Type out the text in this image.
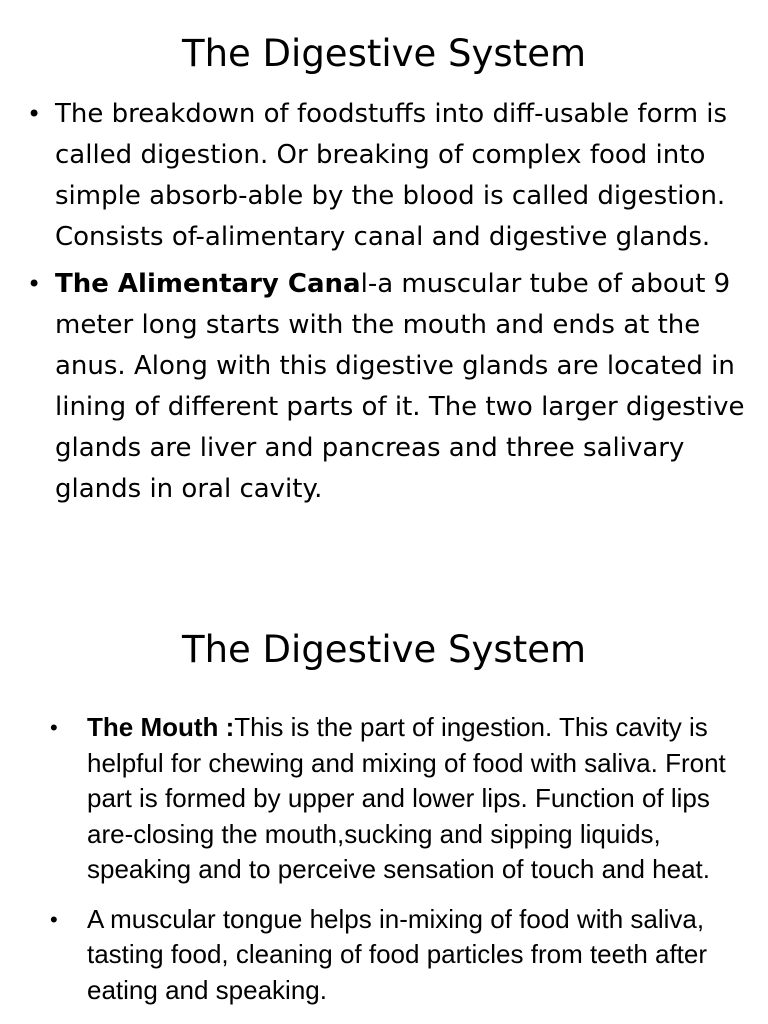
The Digestive System
• The breakdown of foodstuffs into diff-usable form is called digestion. Or breaking of complex food into simple absorb-able by the blood is called digestion. Consists of-alimentary canal and digestive glands.
• The Alimentary Canal-a muscular tube of about 9 meter long starts with the mouth and ends at the anus. Along with this digestive glands are located in lining of different parts of it. The two larger digestive glands are liver and pancreas and three salivary glands in oral cavity.
The Digestive System
• The Mouth :This is the part of ingestion. This cavity is helpful for chewing and mixing of food with saliva. Front part is formed by upper and lower lips. Function of lips are-closing the mouth,sucking and sipping liquids, speaking and to perceive sensation of touch and heat.
• A muscular tongue helps in-mixing of food with saliva, tasting food, cleaning of food particles from teeth after eating and speaking.
